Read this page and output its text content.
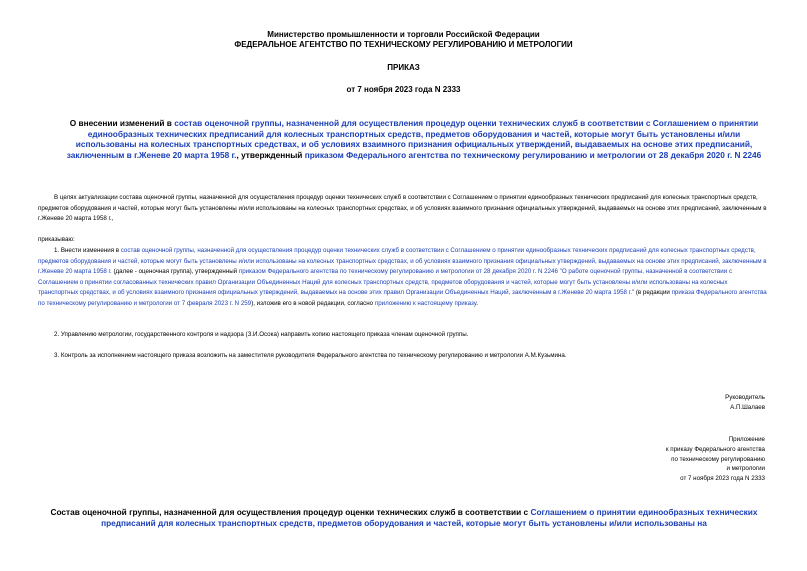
Министерство промышленности и торговли Российской Федерации
ФЕДЕРАЛЬНОЕ АГЕНТСТВО ПО ТЕХНИЧЕСКОМУ РЕГУЛИРОВАНИЮ И МЕТРОЛОГИИ
ПРИКАЗ
от 7 ноября 2023 года N 2333
О внесении изменений в состав оценочной группы, назначенной для осуществления процедур оценки технических служб в соответствии с Соглашением о принятии единообразных технических предписаний для колесных транспортных средств, предметов оборудования и частей, которые могут быть установлены и/или использованы на колесных транспортных средствах, и об условиях взаимного признания официальных утверждений, выдаваемых на основе этих предписаний, заключенным в г.Женеве 20 марта 1958 г., утвержденный приказом Федерального агентства по техническому регулированию и метрологии от 28 декабря 2020 г. N 2246
В целях актуализации состава оценочной группы, назначенной для осуществления процедур оценки технических служб в соответствии с Соглашением о принятии единообразных технических предписаний для колесных транспортных средств, предметов оборудования и частей, которые могут быть установлены и/или использованы на колесных транспортных средствах, и об условиях взаимного признания официальных утверждений, выдаваемых на основе этих предписаний, заключенным в г.Женеве 20 марта 1958 г.,
приказываю:
1. Внести изменения в состав оценочной группы, назначенной для осуществления процедур оценки технических служб в соответствии с Соглашением о принятии единообразных технических предписаний для колесных транспортных средств, предметов оборудования и частей, которые могут быть установлены и/или использованы на колесных транспортных средствах, и об условиях взаимного признания официальных утверждений, выдаваемых на основе этих предписаний, заключенным в г.Женеве 20 марта 1958 г. (далее - оценочная группа), утвержденный приказом Федерального агентства по техническому регулированию и метрологии от 28 декабря 2020 г. N 2246 "О работе оценочной группы, назначенной в соответствии с Соглашением о принятии согласованных технических правил Организации Объединенных Наций для колесных транспортных средств, предметов оборудования и частей, которые могут быть установлены и/или использованы на колесных транспортных средствах, и об условиях взаимного признания официальных утверждений, выдаваемых на основе этих правил Организации Объединенных Наций, заключенным в г.Женеве 20 марта 1958 г." (в редакции приказа Федерального агентства по техническому регулированию и метрологии от 7 февраля 2023 г. N 259), изложив его в новой редакции, согласно приложению к настоящему приказу.
2. Управлению метрологии, государственного контроля и надзора (З.И.Осока) направить копию настоящего приказа членам оценочной группы.
3. Контроль за исполнением настоящего приказа возложить на заместителя руководителя Федерального агентства по техническому регулированию и метрологии А.М.Кузьмина.
Руководитель
А.П.Шалаев
Приложение
к приказу Федерального агентства
по техническому регулированию
и метрологии
от 7 ноября 2023 года N 2333
Состав оценочной группы, назначенной для осуществления процедур оценки технических служб в соответствии с Соглашением о принятии единообразных технических предписаний для колесных транспортных средств, предметов оборудования и частей, которые могут быть установлены и/или использованы на
